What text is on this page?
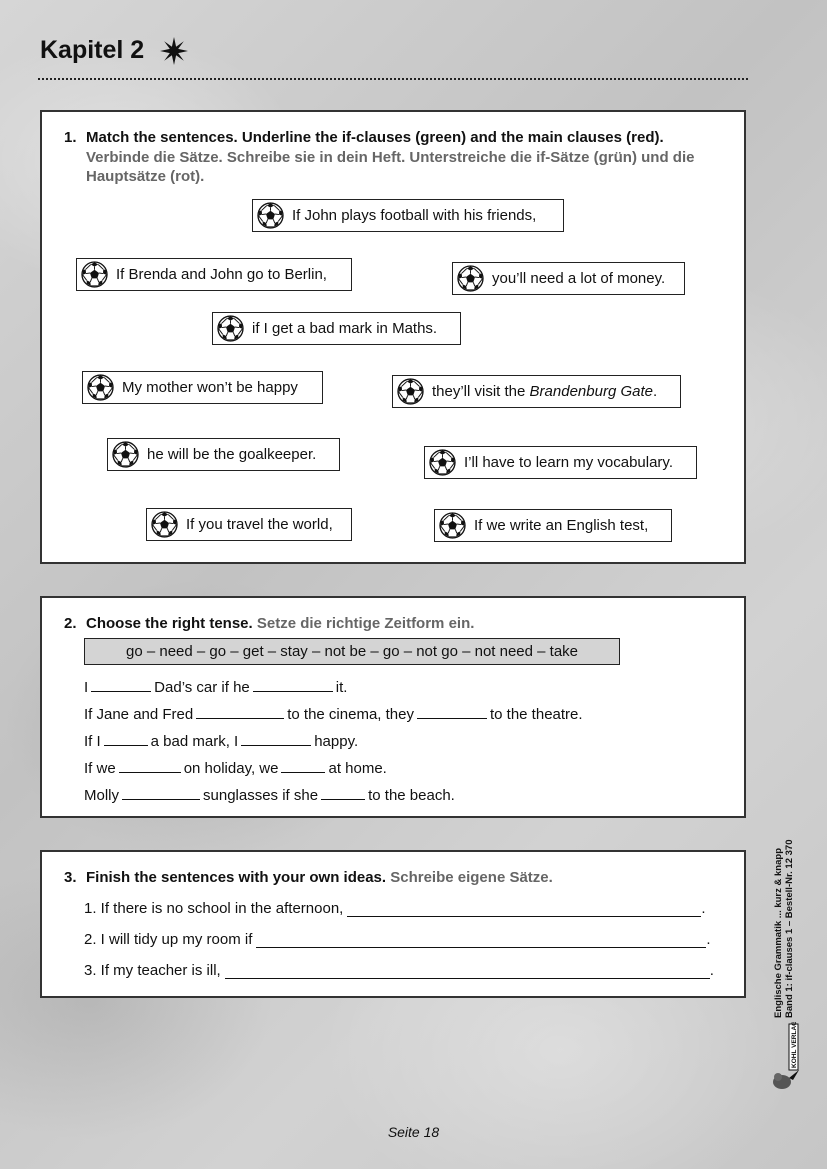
Kapitel 2
1. Match the sentences. Underline the if-clauses (green) and the main clauses (red).
Verbinde die Sätze. Schreibe sie in dein Heft. Unterstreiche die if-Sätze (grün) und die Hauptsätze (rot).
If John plays football with his friends,
If Brenda and John go to Berlin,	you’ll need a lot of money.
if I get a bad mark in Maths.
My mother won’t be happy	they’ll visit the Brandenburg Gate.
he will be the goalkeeper.	I’ll have to learn my vocabulary.
If you travel the world,	If we write an English test,
2. Choose the right tense. Setze die richtige Zeitform ein.
go – need – go – get – stay – not be – go – not go – not need – take
I	Dad’s car if he	it.
If Jane and Fred	to the cinema, they	to the theatre.
If I	a bad mark, I	happy.
If we	on holiday, we	at home.
Molly	sunglasses if she	to the beach.
3. Finish the sentences with your own ideas. Schreibe eigene Sätze.
1. If there is no school in the afternoon,	.
2. I will tidy up my room if	.
3. If my teacher is ill,	.	Englische Grammatik ... kurz & knapp Band 1: if-clauses 1 – Bestell-Nr. 12 370
KOHL VERLAG
Seite 18
